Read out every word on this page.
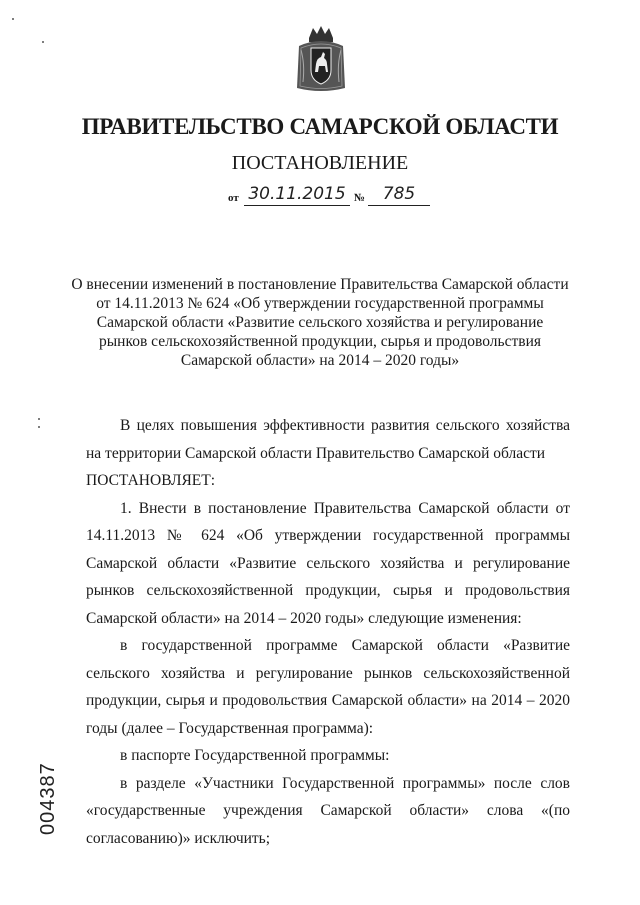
ПРАВИТЕЛЬСТВО САМАРСКОЙ ОБЛАСТИ
ПОСТАНОВЛЕНИЕ
от 30.11.2015 №	785
О внесении изменений в постановление Правительства Самарской области
от 14.11.2013 № 624 «Об утверждении государственной программы
Самарской области «Развитие сельского хозяйства и регулирование
рынков сельскохозяйственной продукции, сырья и продовольствия
Самарской области» на 2014 – 2020 годы»

В целях повышения эффективности развития сельского хозяйства на территории Самарской области Правительство Самарской области

ПОСТАНОВЛЯЕТ:

1. Внести в постановление Правительства Самарской области от 14.11.2013 № 624 «Об утверждении государственной программы Самарской области «Развитие сельского хозяйства и регулирование рынков сельскохозяйственной продукции, сырья и продовольствия Самарской области» на 2014 – 2020 годы» следующие изменения:

в государственной программе Самарской области «Развитие сельского хозяйства и регулирование рынков сельскохозяйственной продукции, сырья и продовольствия Самарской области» на 2014 – 2020 годы (далее – Государственная программа):

в паспорте Государственной программы:

в разделе «Участники Государственной программы» после слов «государственные учреждения Самарской области» слова «(по согласованию)» исключить;

004387
